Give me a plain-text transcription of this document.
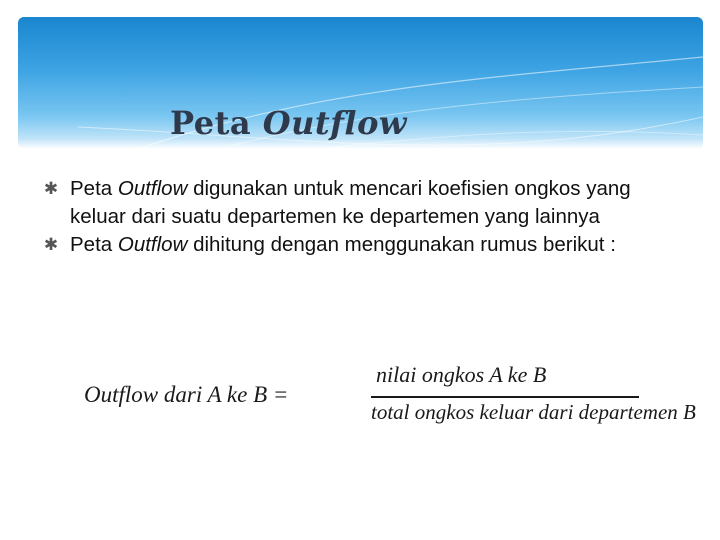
Peta Outflow
✱ Peta Outflow digunakan untuk mencari koefisien ongkos yang keluar dari suatu departemen ke departemen yang lainnya
✱ Peta Outflow dihitung dengan menggunakan rumus berikut :
Outflow dari A ke B =
nilai ongkos A ke B
total ongkos keluar dari departemen B
